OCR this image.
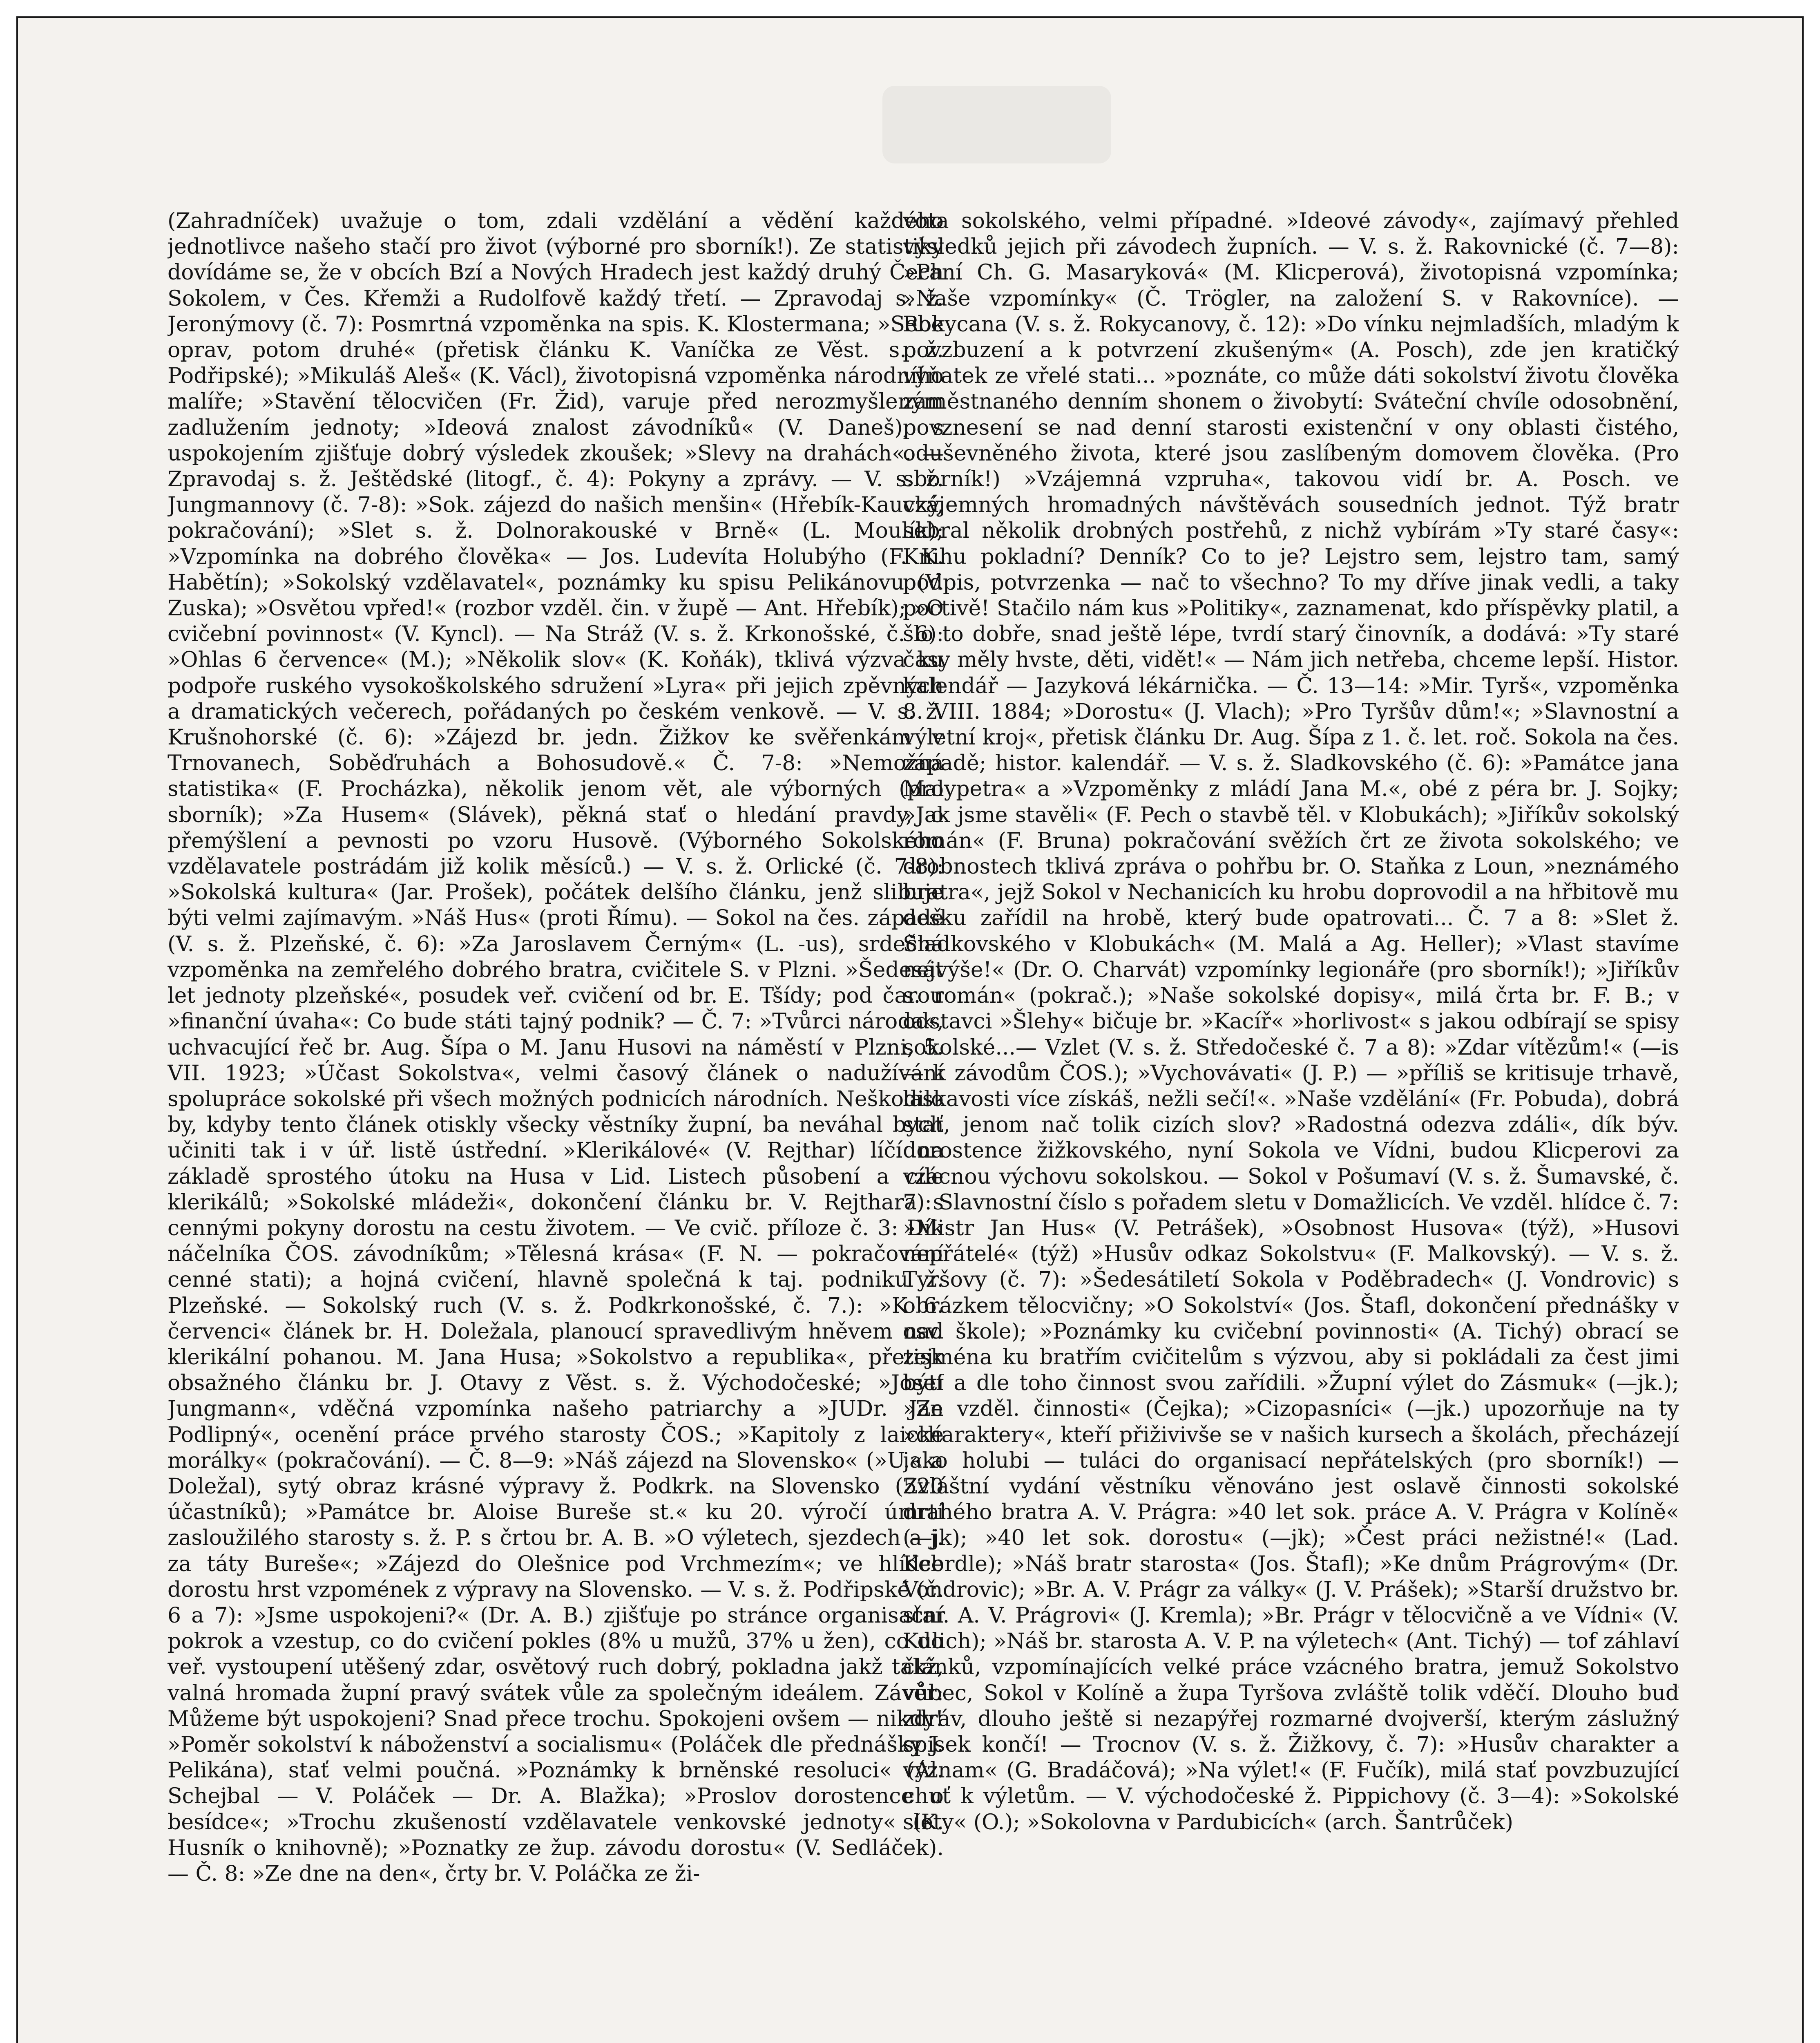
(Zahradníček) uvažuje o tom, zdali vzdělání a vědění každého jednotlivce našeho stačí pro život (výborné pro sborník!). Ze statistiky dovídáme se, že v obcích Bzí a Nových Hradech jest každý druhý Čech Sokolem, v Čes. Křemži a Rudolfově každý třetí. — Zpravodaj s. ž. Jeronýmovy (č. 7): Posmrtná vzpoměnka na spis. K. Klostermana; »Sebe oprav, potom druhé« (přetisk článku K. Vaníčka ze Věst. s. ž. Podřipské); »Mikuláš Aleš« (K. Václ), životopisná vzpoměnka národního malíře; »Stavění tělocvičen (Fr. Žid), varuje před nerozmyšleným zadlužením jednoty; »Ideová znalost závodníků« (V. Daneš), s uspokojením zjišťuje dobrý výsledek zkoušek; »Slevy na drahách«. — Zpravodaj s. ž. Ještědské (litogf., č. 4): Pokyny a zprávy. — V. s. ž. Jungmannovy (č. 7-8): »Sok. zájezd do našich menšin« (Hřebík-Kaucký, pokračování); »Slet s. ž. Dolnorakouské v Brně« (L. Moulík); »Vzpomínka na dobrého člověka« — Jos. Ludevíta Holubýho (F. K. Habětín); »Sokolský vzdělavatel«, poznámky ku spisu Pelikánovu (V. Zuska); »Osvětou vpřed!« (rozbor vzděl. čin. v župě — Ant. Hřebík); »O cvičební povinnost« (V. Kyncl). — Na Stráž (V. s. ž. Krkonošské, č. 6): »Ohlas 6 července« (M.); »Několik slov« (K. Koňák), tklivá výzva ku podpoře ruského vysokoškolského sdružení »Lyra« při jejich zpěvných a dramatických večerech, pořádaných po českém venkově. — V. s. ž. Krušnohorské (č. 6): »Zájezd br. jedn. Žižkov ke svěřenkám v Trnovanech, Soběďruhách a Bohosudově.« Č. 7-8: »Nemožná statistika« (F. Procházka), několik jenom vět, ale výborných (pro sborník); »Za Husem« (Slávek), pěkná stať o hledání pravdy, o přemýšlení a pevnosti po vzoru Husově. (Výborného Sokolského vzdělavatele postrádám již kolik měsíců.) — V. s. ž. Orlické (č. 7-8): »Sokolská kultura« (Jar. Prošek), počátek delšího článku, jenž slibuje býti velmi zajímavým. »Náš Hus« (proti Římu). — Sokol na čes. západě (V. s. ž. Plzeňské, č. 6): »Za Jaroslavem Černým« (L. -us), srdečná vzpoměnka na zemřelého dobrého bratra, cvičitele S. v Plzni. »Šedesát let jednoty plzeňské«, posudek veř. cvičení od br. E. Tšídy; pod čarou »finanční úvaha«: Co bude státi tajný podnik? — Č. 7: »Tvůrci národa«, uchvacující řeč br. Aug. Šípa o M. Janu Husovi na náměstí v Plzni, 5. VII. 1923; »Účast Sokolstva«, velmi časový článek o nadužívání spolupráce sokolské při všech možných podnicích národních. Neškodilo by, kdyby tento článek otiskly všecky věstníky župní, ba neváhal bych učiniti tak i v úř. listě ústřední. »Klerikálové« (V. Rejthar) líčí na základě sprostého útoku na Husa v Lid. Listech působení a cíle klerikálů; »Sokolské mládeži«, dokončení článku br. V. Rejthara s cennými pokyny dorostu na cestu životem. — Ve cvič. příloze č. 3: Dík náčelníka ČOS. závodníkům; »Tělesná krása« (F. N. — pokračování cenné stati); a hojná cvičení, hlavně společná k taj. podniku ž. Plzeňské. — Sokolský ruch (V. s. ž. Podkrkonošské, č. 7.): »K 6. červenci« článek br. H. Doležala, planoucí spravedlivým hněvem nad klerikální pohanou. M. Jana Husa; »Sokolstvo a republika«, přetisk obsažného článku br. J. Otavy z Věst. s. ž. Východočeské; »Josef Jungmann«, vděčná vzpomínka našeho patriarchy a »JUDr. Jan Podlipný«, ocenění práce prvého starosty ČOS.; »Kapitoly z laické morálky« (pokračování). — Č. 8—9: »Náš zájezd na Slovensko« (»U.« a Doležal), sytý obraz krásné výpravy ž. Podkrk. na Slovensko (520 účastníků); »Památce br. Aloise Bureše st.« ku 20. výročí úmrtí zasloužilého starosty s. ž. P. s črtou br. A. B. »O výletech, sjezdech a j. za táty Bureše«; »Zájezd do Olešnice pod Vrchmezím«; ve hlídce dorostu hrst vzpomének z výpravy na Slovensko. — V. s. ž. Podřipské (č. 6 a 7): »Jsme uspokojeni?« (Dr. A. B.) zjišťuje po stránce organisační pokrok a vzestup, co do cvičení pokles (8% u mužů, 37% u žen), co do veř. vystoupení utěšený zdar, osvětový ruch dobrý, pokladna jakž takž, valná hromada župní pravý svátek vůle za společným ideálem. Závěr: Můžeme být uspokojeni? Snad přece trochu. Spokojeni ovšem — nikdy! »Poměr sokolství k náboženství a socialismu« (Poláček dle přednášky J. Pelikána), stať velmi poučná. »Poznámky k brněnské resoluci« (Al. Schejbal — V. Poláček — Dr. A. Blažka); »Proslov dorostence o besídce«; »Trochu zkušeností vzdělavatele venkovské jednoty« (K. Husník o knihovně); »Poznatky ze žup. závodu dorostu« (V. Sedláček). — Č. 8: »Ze dne na den«, črty br. V. Poláčka ze ži-

vota sokolského, velmi případné. »Ideové závody«, zajímavý přehled výsledků jejich při závodech župních. — V. s. ž. Rakovnické (č. 7—8): »Paní Ch. G. Masaryková« (M. Klicperová), životopisná vzpomínka; »Naše vzpomínky« (Č. Trögler, na založení S. v Rakovníce). — Rokycana (V. s. ž. Rokycanovy, č. 12): »Do vínku nejmladších, mladým k povzbuzení a k potvrzení zkušeným« (A. Posch), zde jen kratičký výňatek ze vřelé stati... »poznáte, co může dáti sokolství životu člověka zaměstnaného denním shonem o živobytí: Sváteční chvíle odosobnění, povznesení se nad denní starosti existenční v ony oblasti čistého, oduševněného života, které jsou zaslíbeným domovem člověka. (Pro sborník!) »Vzájemná vzpruha«, takovou vidí br. A. Posch. ve vzájemných hromadných návštěvách sousedních jednot. Týž bratr sebral několik drobných postřehů, z nichž vybírám »Ty staré časy«: Knihu pokladní? Denník? Co to je? Lejstro sem, lejstro tam, samý podpis, potvrzenka — nač to všechno? To my dříve jinak vedli, a taky poctivě! Stačilo nám kus »Politiky«, zaznamenat, kdo příspěvky platil, a šlo to dobře, snad ještě lépe, tvrdí starý činovník, a dodává: »Ty staré časy měly hvste, děti, vidět!« — Nám jich netřeba, chceme lepší. Histor. kalendář — Jazyková lékárnička. — Č. 13—14: »Mir. Tyrš«, vzpoměnka 8. VIII. 1884; »Dorostu« (J. Vlach); »Pro Tyršův dům!«; »Slavnostní a výletní kroj«, přetisk článku Dr. Aug. Šípa z 1. č. let. roč. Sokola na čes. západě; histor. kalendář. — V. s. ž. Sladkovského (č. 6): »Památce jana Malypetra« a »Vzpoměnky z mládí Jana M.«, obé z péra br. J. Sojky; »Jak jsme stavěli« (F. Pech o stavbě těl. v Klobukách); »Jiříkův sokolský román« (F. Bruna) pokračování svěžích črt ze života sokolského; ve drobnostech tklivá zpráva o pohřbu br. O. Staňka z Loun, »neznámého bratra«, jejž Sokol v Nechanicích ku hrobu doprovodil a na hřbitově mu desku zařídil na hrobě, který bude opatrovati... Č. 7 a 8: »Slet ž. Sladkovského v Klobukách« (M. Malá a Ag. Heller); »Vlast stavíme nejvýše!« (Dr. O. Charvát) vzpomínky legionáře (pro sborník!); »Jiříkův s. román« (pokrač.); »Naše sokolské dopisy«, milá črta br. F. B.; v odstavci »Šlehy« bičuje br. »Kacíř« »horlivost« s jakou odbírají se spisy sokolské...— Vzlet (V. s. ž. Středočeské č. 7 a 8): »Zdar vítězům!« (—is— k závodům ČOS.); »Vychovávati« (J. P.) — »příliš se kritisuje trhavě, laskavosti více získáš, nežli sečí!«. »Naše vzdělání« (Fr. Pobuda), dobrá stať, jenom nač tolik cizích slov? »Radostná odezva zdáli«, dík býv. dorostence žižkovského, nyní Sokola ve Vídni, budou Klicperovi za vzácnou výchovu sokolskou. — Sokol v Pošumaví (V. s. ž. Šumavské, č. 7): Slavnostní číslo s pořadem sletu v Domažlicích. Ve vzděl. hlídce č. 7: »Mistr Jan Hus« (V. Petrášek), »Osobnost Husova« (týž), »Husovi nepřátelé« (týž) »Husův odkaz Sokolstvu« (F. Malkovský). — V. s. ž. Tyršovy (č. 7): »Šedesátiletí Sokola v Poděbradech« (J. Vondrovic) s obrázkem tělocvičny; »O Sokolství« (Jos. Štafl, dokončení přednášky v osv. škole); »Poznámky ku cvičební povinnosti« (A. Tichý) obrací se zejména ku bratřím cvičitelům s výzvou, aby si pokládali za čest jimi býti a dle toho činnost svou zařídili. »Župní výlet do Zásmuk« (—jk.); »Ze vzděl. činnosti« (Čejka); »Cizopasníci« (—jk.) upozorňuje na ty »charaktery«, kteří přiživivše se v našich kursech a školách, přecházejí jako holubi — tuláci do organisací nepřátelských (pro sborník!) — Zvláštní vydání věstníku věnováno jest oslavě činnosti sokolské drahého bratra A. V. Prágra: »40 let sok. práce A. V. Prágra v Kolíně« (—jk); »40 let sok. dorostu« (—jk); »Čest práci nežistné!« (Lad. Kebrdle); »Náš bratr starosta« (Jos. Štafl); »Ke dnům Prágrovým« (Dr. Vondrovic); »Br. A. V. Prágr za války« (J. V. Prášek); »Starší družstvo br. star. A. V. Prágrovi« (J. Kremla); »Br. Prágr v tělocvičně a ve Vídni« (V. Kulich); »Náš br. starosta A. V. P. na výletech« (Ant. Tichý) — tof záhlaví článků, vzpomínajících velké práce vzácného bratra, jemuž Sokolstvo vůbec, Sokol v Kolíně a župa Tyršova zvláště tolik vděčí. Dlouho buď zdráv, dlouho ještě si nezapýřej rozmarné dvojverší, kterým záslužný spisek končí! — Trocnov (V. s. ž. Žižkovy, č. 7): »Husův charakter a význam« (G. Bradáčová); »Na výlet!« (F. Fučík), milá stať povzbuzující chuť k výletům. — V. východočeské ž. Pippichovy (č. 3—4): »Sokolské slety« (O.); »Sokolovna v Pardubicích« (arch. Šantrůček)
